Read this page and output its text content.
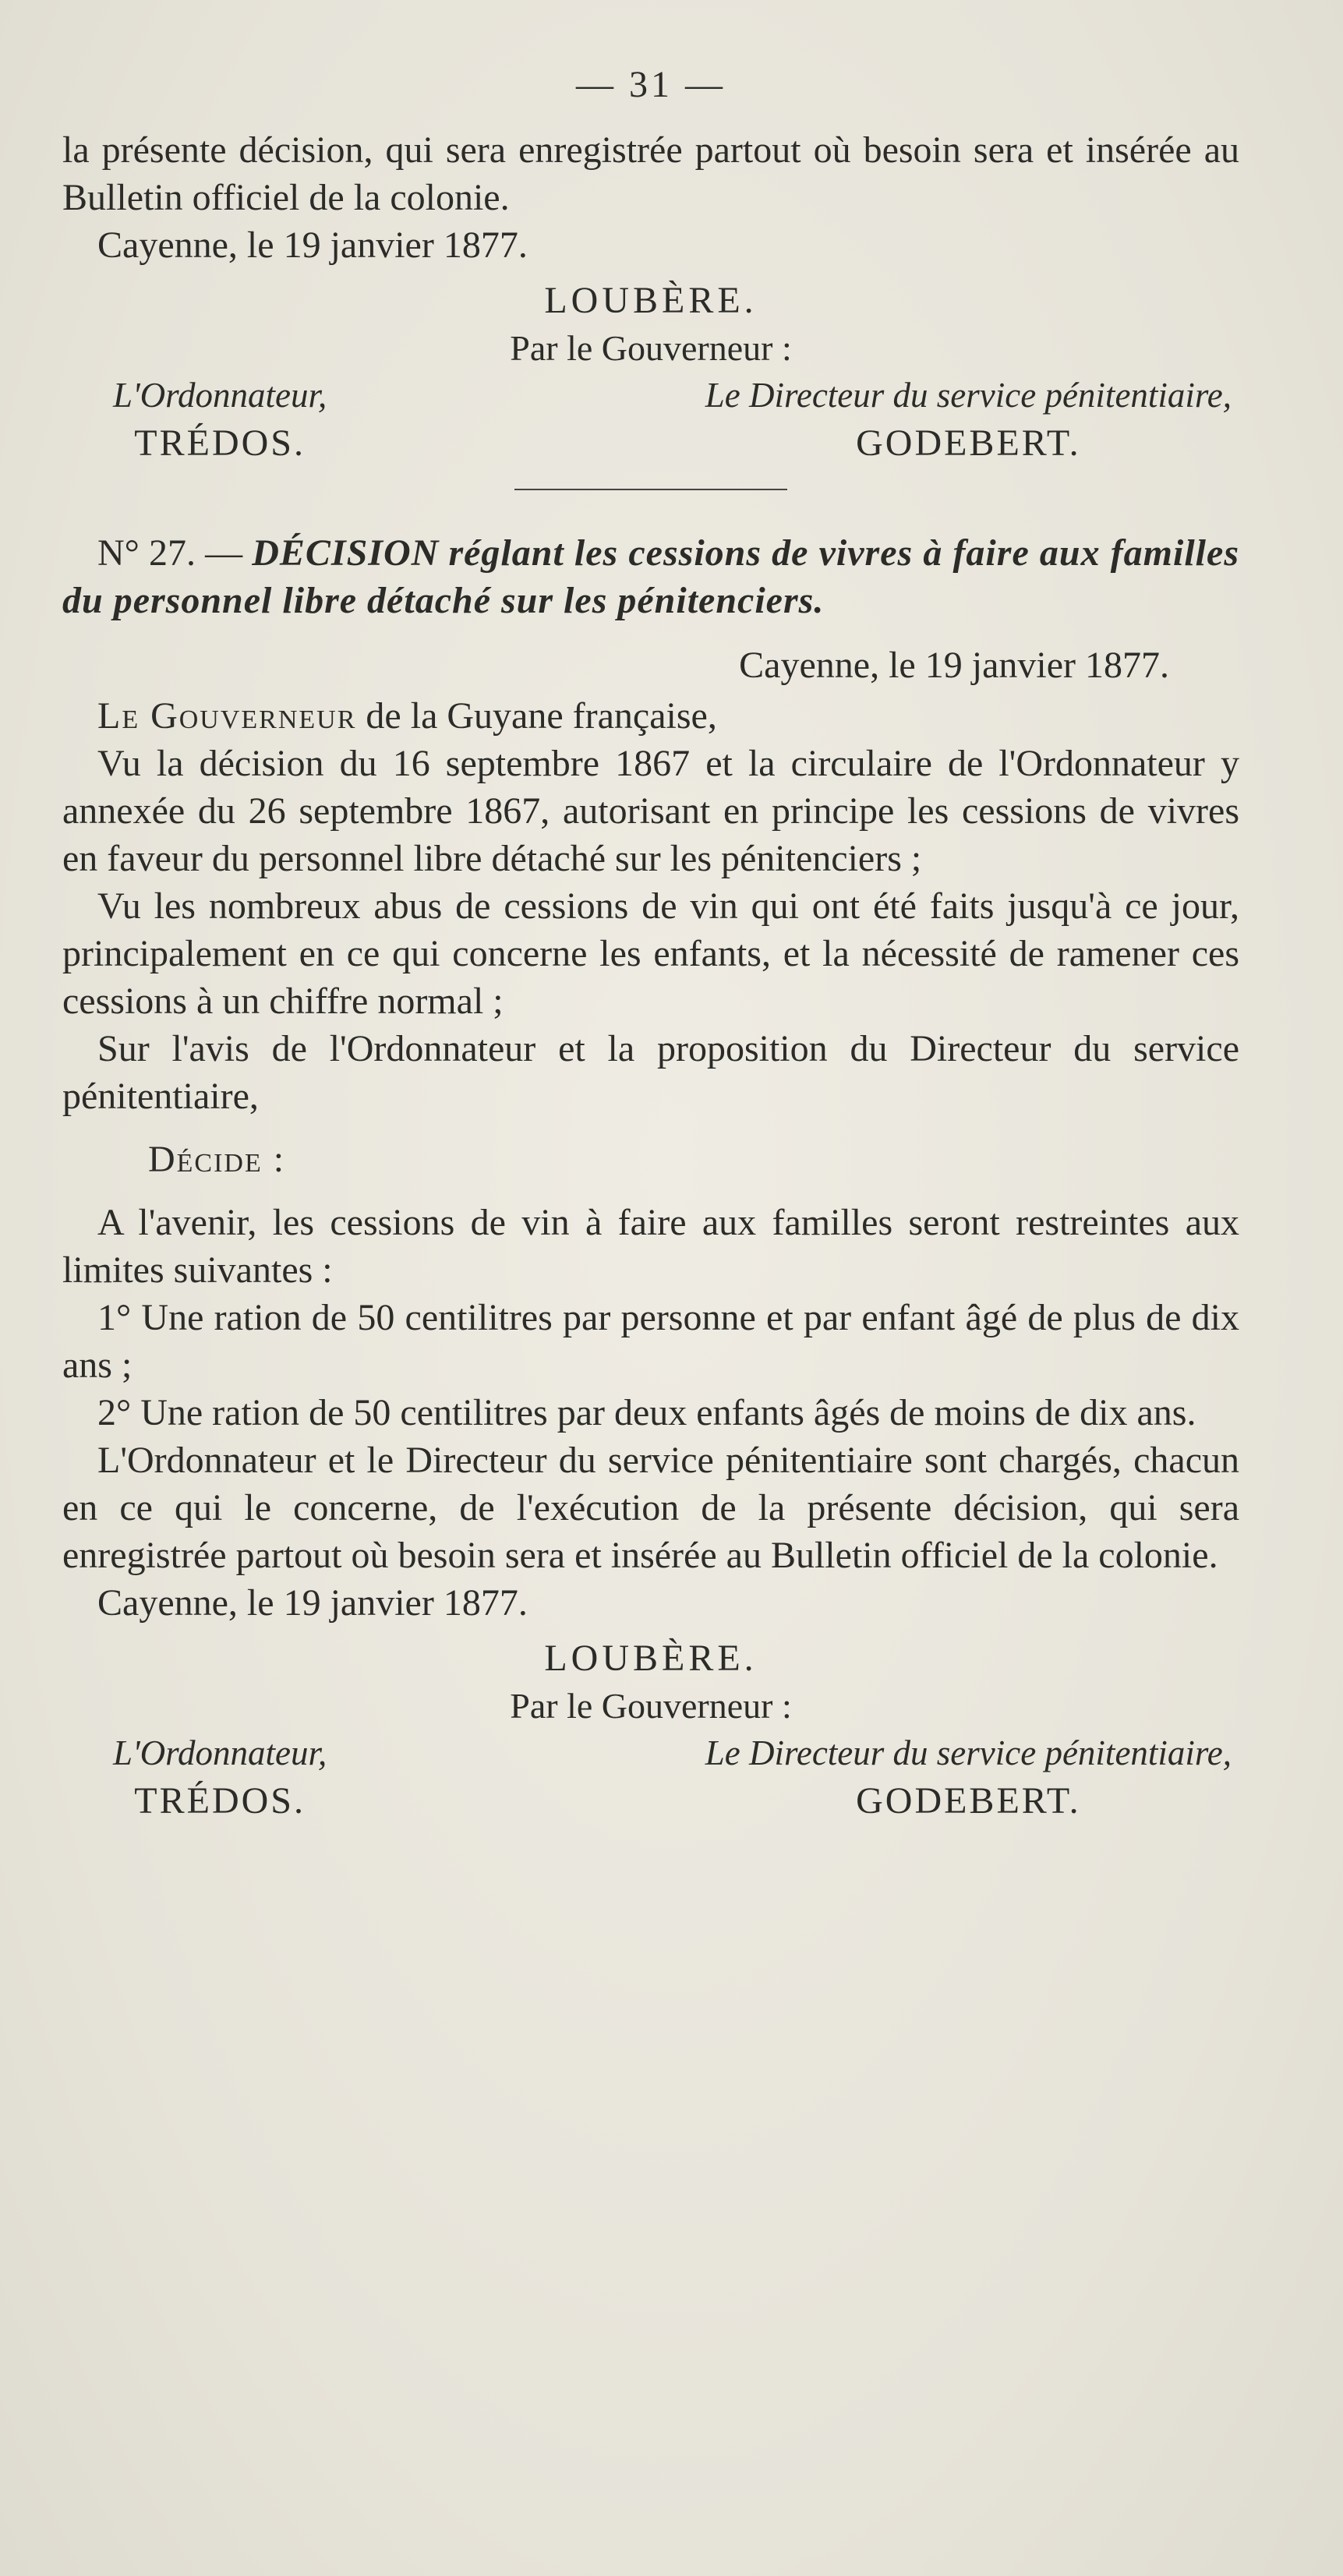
— 31 —

la présente décision, qui sera enregistrée partout où besoin sera et insérée au Bulletin officiel de la colonie.

Cayenne, le 19 janvier 1877.

LOUBÈRE.

Par le Gouverneur :

L'Ordonnateur,
TRÉDOS.
Le Directeur du service pénitentiaire,
GODEBERT.

N° 27. — DÉCISION réglant les cessions de vivres à faire aux familles du personnel libre détaché sur les pénitenciers.

Cayenne, le 19 janvier 1877.

Le Gouverneur de la Guyane française,

Vu la décision du 16 septembre 1867 et la circulaire de l'Ordonnateur y annexée du 26 septembre 1867, autorisant en principe les cessions de vivres en faveur du personnel libre détaché sur les pénitenciers ;

Vu les nombreux abus de cessions de vin qui ont été faits jusqu'à ce jour, principalement en ce qui concerne les enfants, et la nécessité de ramener ces cessions à un chiffre normal ;

Sur l'avis de l'Ordonnateur et la proposition du Directeur du service pénitentiaire,

Décide :

A l'avenir, les cessions de vin à faire aux familles seront restreintes aux limites suivantes :

1° Une ration de 50 centilitres par personne et par enfant âgé de plus de dix ans ;

2° Une ration de 50 centilitres par deux enfants âgés de moins de dix ans.

L'Ordonnateur et le Directeur du service pénitentiaire sont chargés, chacun en ce qui le concerne, de l'exécution de la présente décision, qui sera enregistrée partout où besoin sera et insérée au Bulletin officiel de la colonie.

Cayenne, le 19 janvier 1877.

LOUBÈRE.

Par le Gouverneur :

L'Ordonnateur,
TRÉDOS.
Le Directeur du service pénitentiaire,
GODEBERT.
